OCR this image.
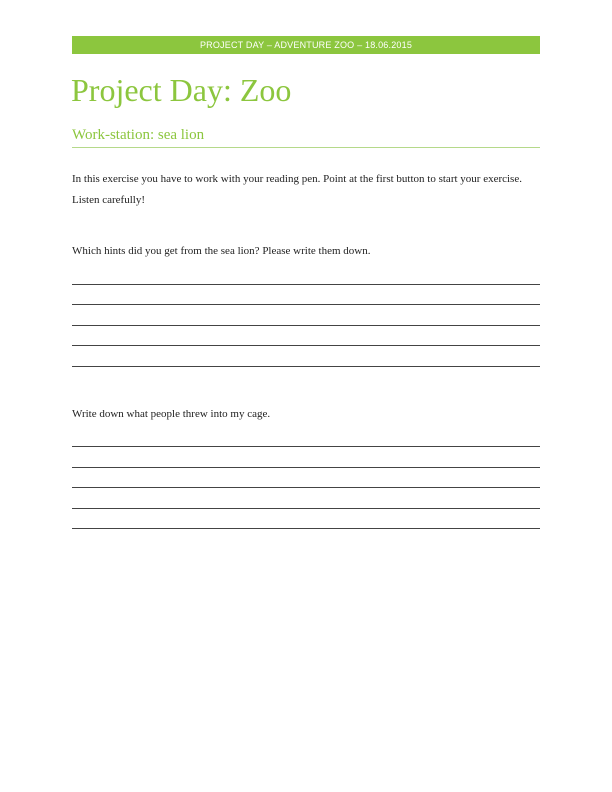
PROJECT DAY – ADVENTURE ZOO – 18.06.2015
Project Day: Zoo
Work-station: sea lion

In this exercise you have to work with your reading pen. Point at the first button to start your exercise. Listen carefully!

Which hints did you get from the sea lion? Please write them down.

Write down what people threw into my cage.
